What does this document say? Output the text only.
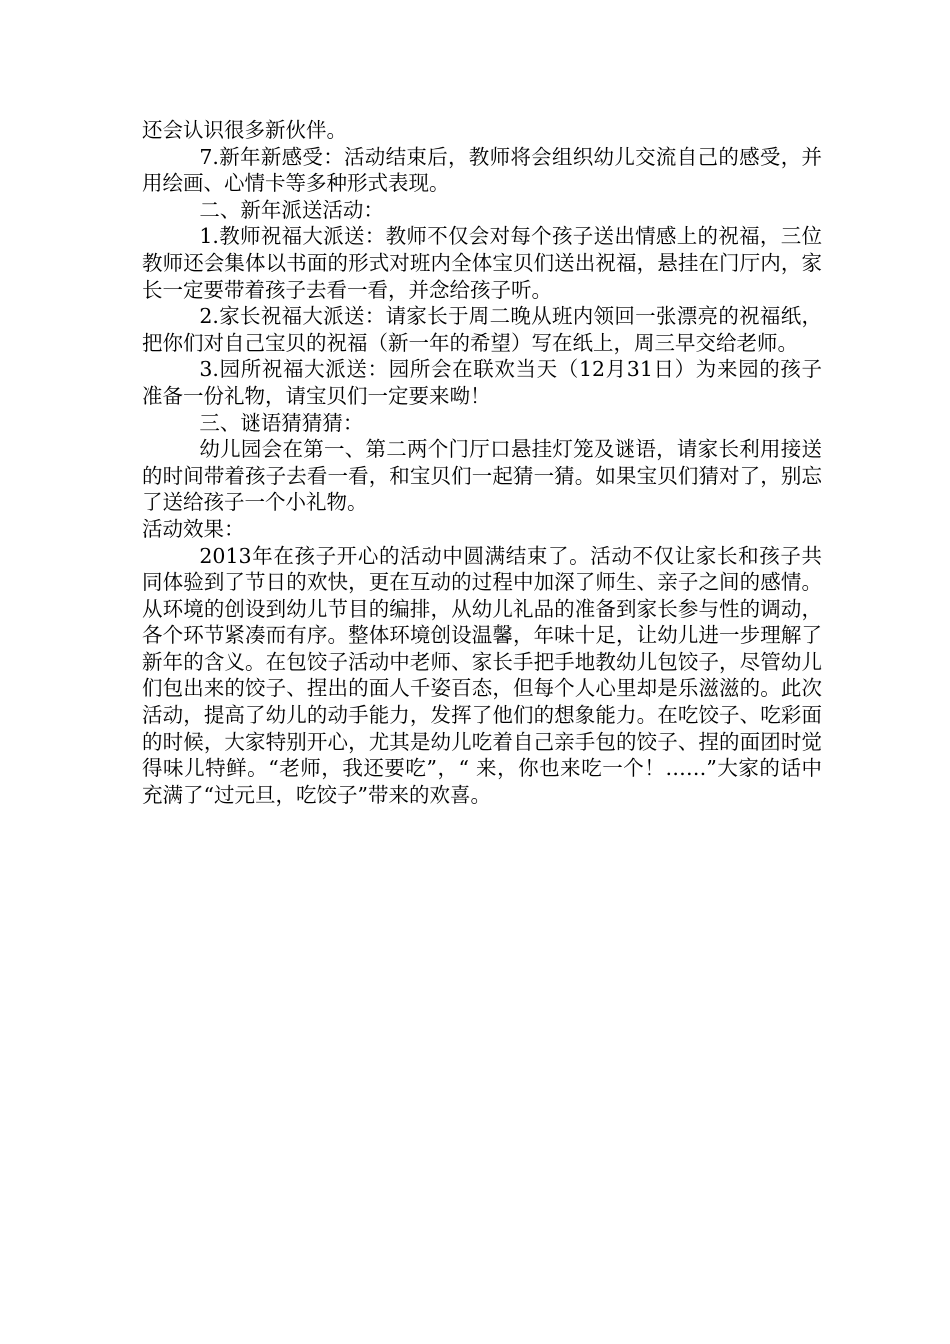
还会认识很多新伙伴。

7.新年新感受：活动结束后，教师将会组织幼儿交流自己的感受，并用绘画、心情卡等多种形式表现。

二、新年派送活动：

1.教师祝福大派送：教师不仅会对每个孩子送出情感上的祝福，三位教师还会集体以书面的形式对班内全体宝贝们送出祝福，悬挂在门厅内，家长一定要带着孩子去看一看，并念给孩子听。

2.家长祝福大派送：请家长于周二晚从班内领回一张漂亮的祝福纸，把你们对自己宝贝的祝福（新一年的希望）写在纸上，周三早交给老师。

3.园所祝福大派送：园所会在联欢当天（12月31日）为来园的孩子准备一份礼物，请宝贝们一定要来呦！

三、谜语猜猜猜：

幼儿园会在第一、第二两个门厅口悬挂灯笼及谜语，请家长利用接送的时间带着孩子去看一看，和宝贝们一起猜一猜。如果宝贝们猜对了，别忘了送给孩子一个小礼物。

活动效果：

2013年在孩子开心的活动中圆满结束了。活动不仅让家长和孩子共同体验到了节日的欢快，更在互动的过程中加深了师生、亲子之间的感情。从环境的创设到幼儿节目的编排，从幼儿礼品的准备到家长参与性的调动，各个环节紧凑而有序。整体环境创设温馨，年味十足，让幼儿进一步理解了新年的含义。在包饺子活动中老师、家长手把手地教幼儿包饺子，尽管幼儿们包出来的饺子、捏出的面人千姿百态，但每个人心里却是乐滋滋的。此次活动，提高了幼儿的动手能力，发挥了他们的想象能力。在吃饺子、吃彩面的时候，大家特别开心，尤其是幼儿吃着自己亲手包的饺子、捏的面团时觉得味儿特鲜。“老师，我还要吃”，“ 来，你也来吃一个！……”大家的话中充满了“过元旦，吃饺子”带来的欢喜。
